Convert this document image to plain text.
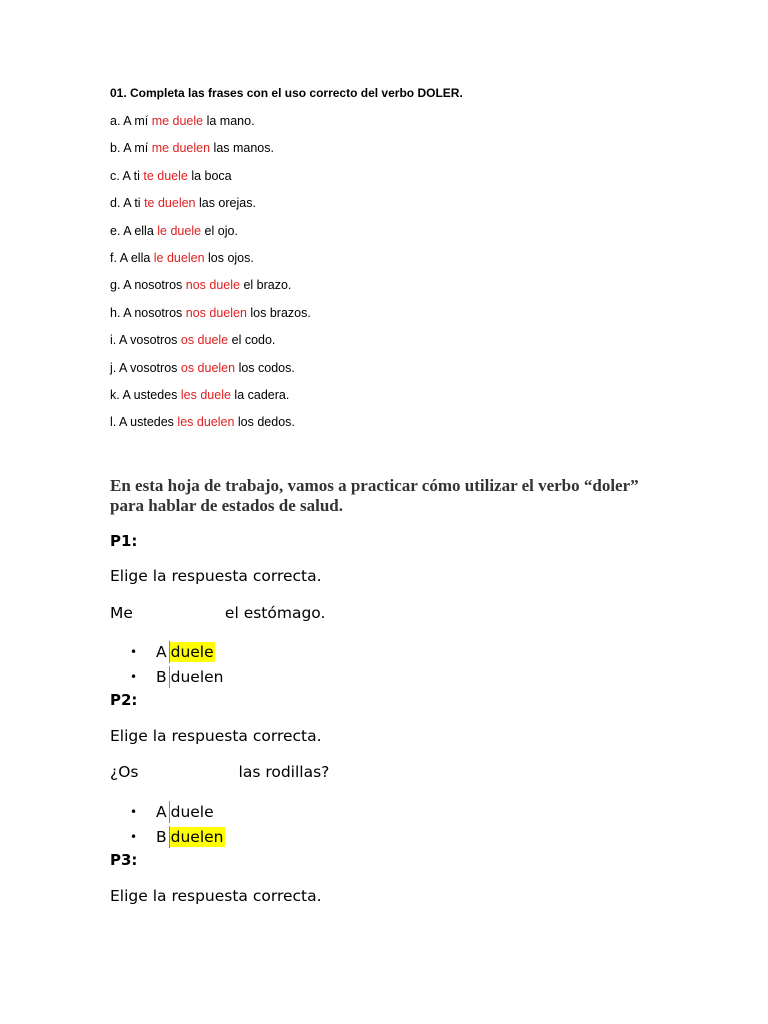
01. Completa las frases con el uso correcto del verbo DOLER.
a. A mí me duele la mano.
b. A mí me duelen las manos.
c. A ti te duele la boca
d. A ti te duelen las orejas.
e. A ella le duele el ojo.
f. A ella le duelen los ojos.
g. A nosotros nos duele el brazo.
h. A nosotros nos duelen los brazos.
i. A vosotros os duele el codo.
j. A vosotros os duelen los codos.
k. A ustedes les duele la cadera.
l. A ustedes les duelen los dedos.
En esta hoja de trabajo, vamos a practicar cómo utilizar el verbo “doler” para hablar de estados de salud.
P1:
Elige la respuesta correcta.
Me	el estómago.
•	A duele
•	B duelen
P2:
Elige la respuesta correcta.
¿Os	las rodillas?
•	A duele
•	B duelen
P3:
Elige la respuesta correcta.
